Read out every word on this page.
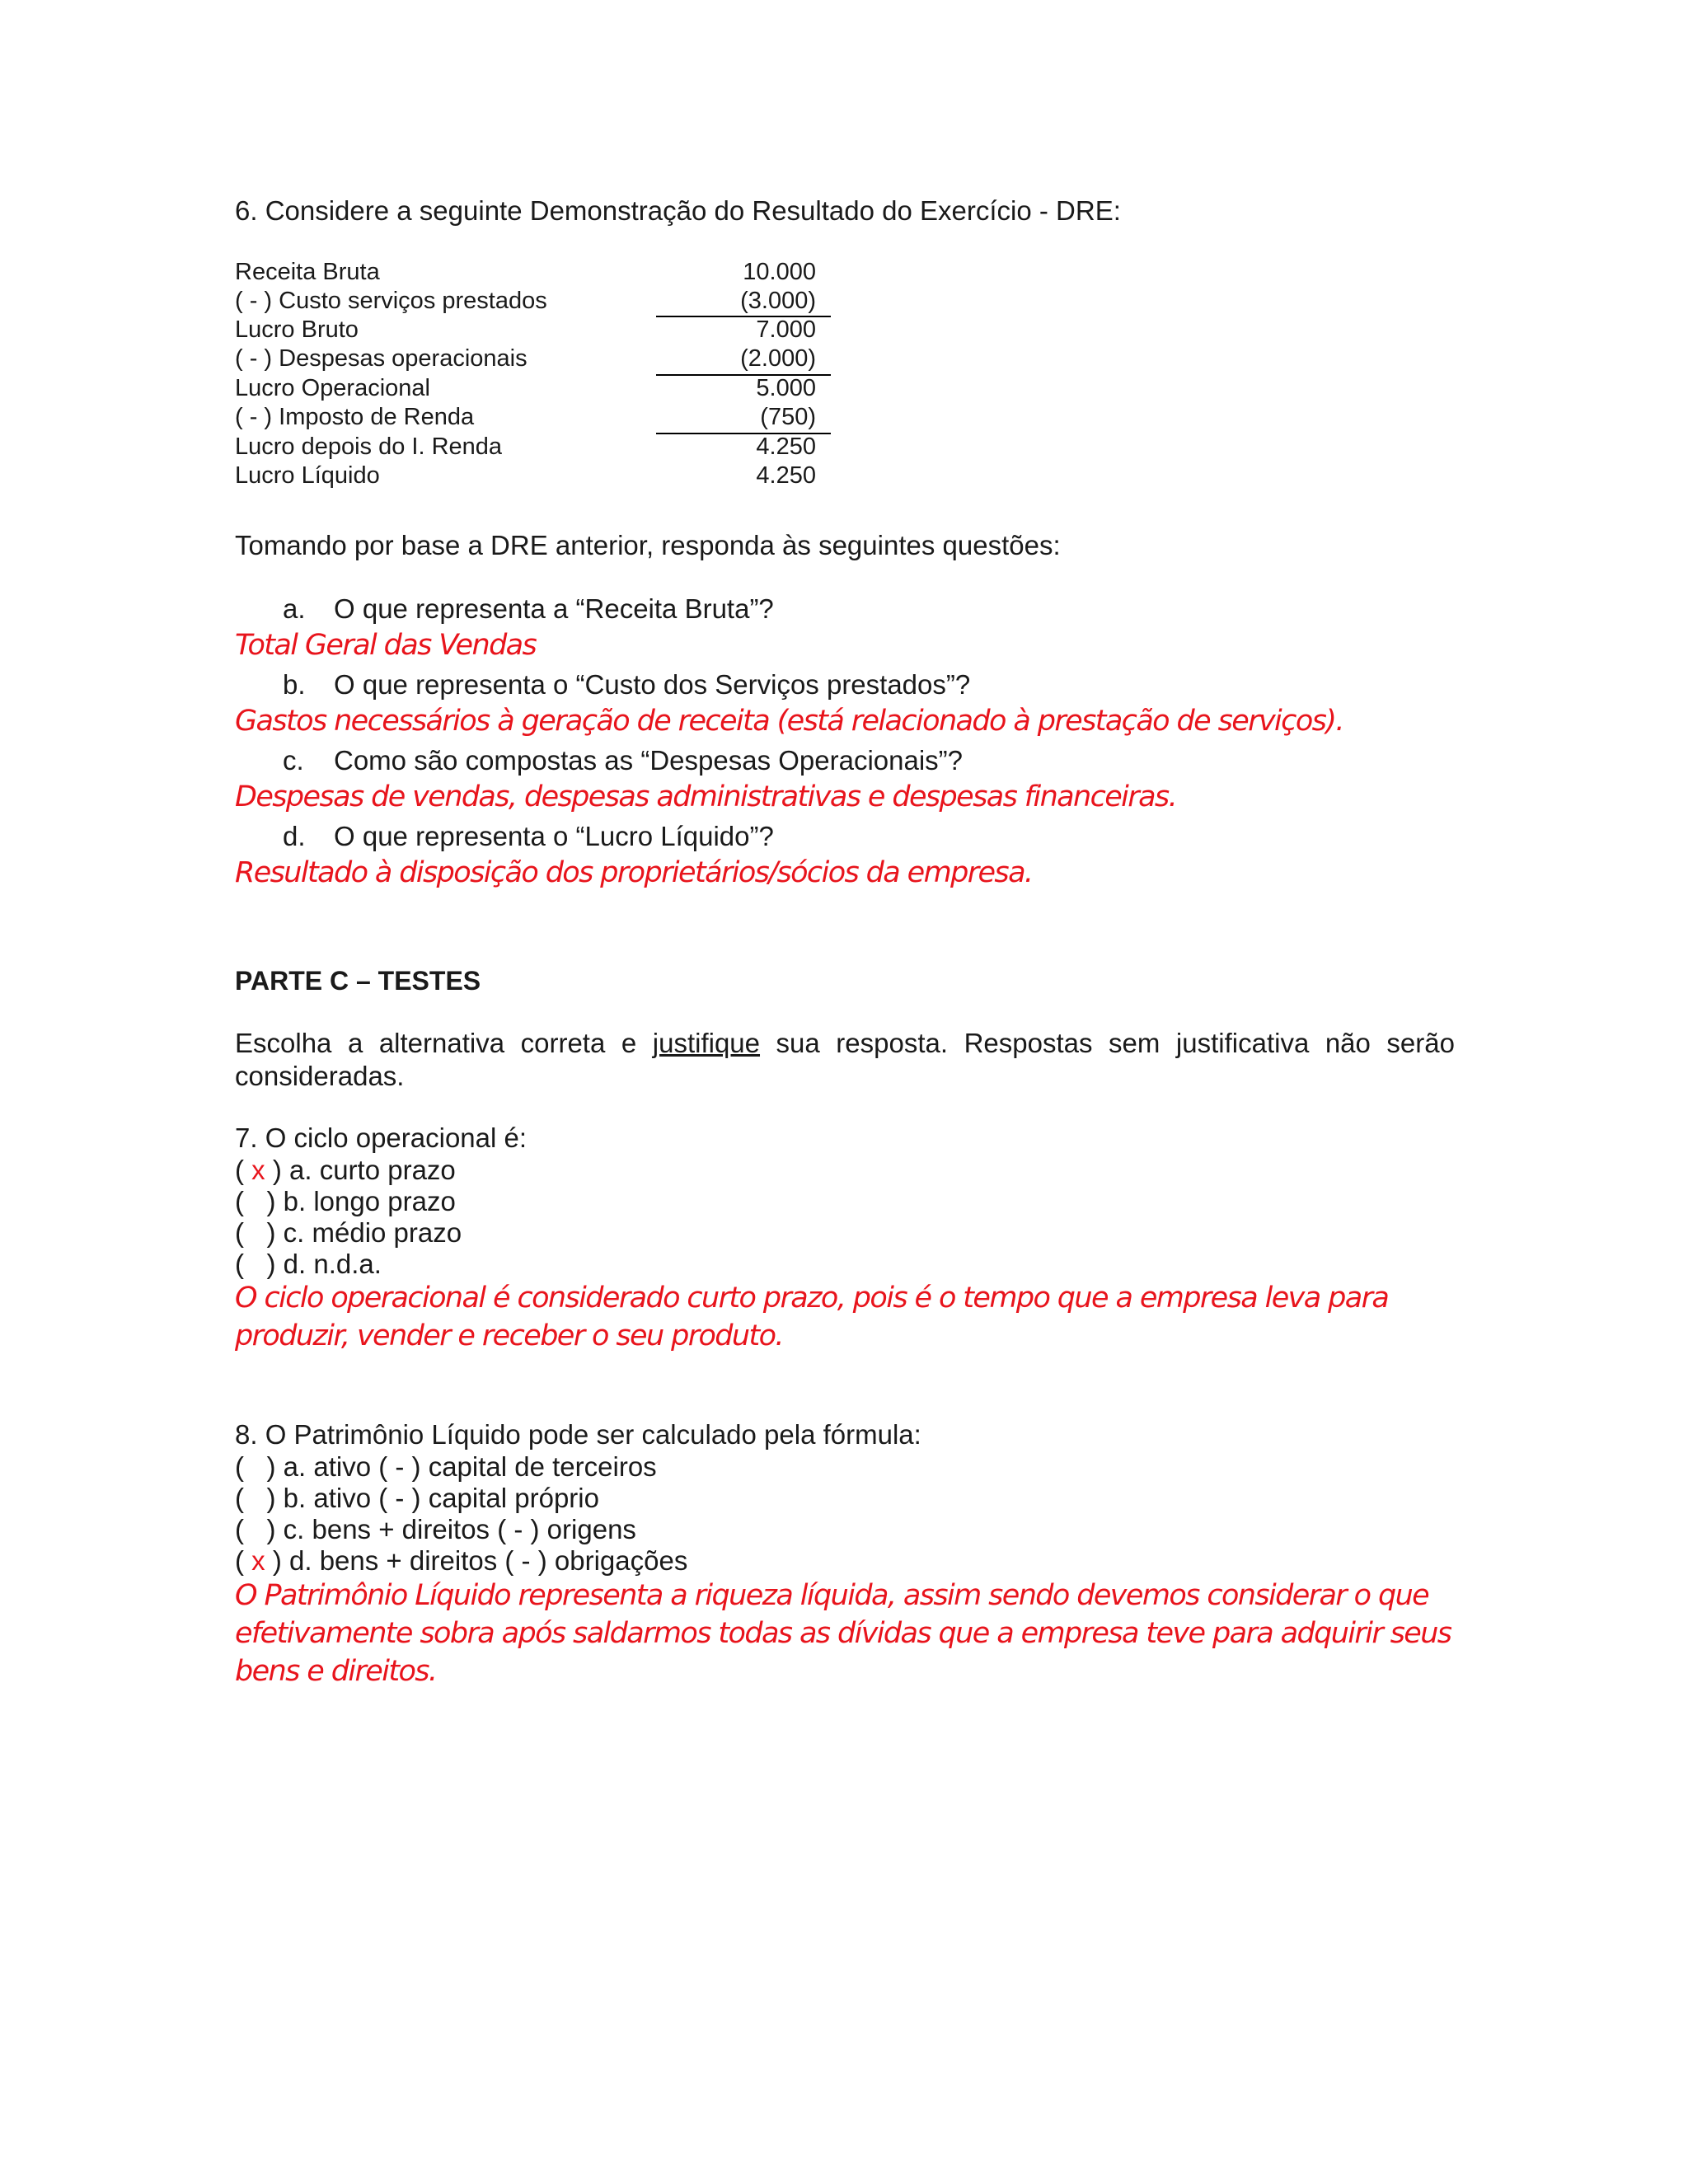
6. Considere a seguinte Demonstração do Resultado do Exercício - DRE:
Receita Bruta	10.000
( - ) Custo serviços prestados	(3.000)
Lucro Bruto	7.000
( - ) Despesas operacionais	(2.000)
Lucro Operacional	5.000
( - ) Imposto de Renda	(750)
Lucro depois do I. Renda	4.250
Lucro Líquido	4.250
Tomando por base a DRE anterior, responda às seguintes questões:
a. O que representa a “Receita Bruta”?
Total Geral das Vendas
b. O que representa o “Custo dos Serviços prestados”?
Gastos necessários à geração de receita (está relacionado à prestação de serviços).
c. Como são compostas as “Despesas Operacionais”?
Despesas de vendas, despesas administrativas e despesas financeiras.
d. O que representa o “Lucro Líquido”?
Resultado à disposição dos proprietários/sócios da empresa.
PARTE C – TESTES
Escolha a alternativa correta e justifique sua resposta. Respostas sem justificativa não serão
consideradas.
7. O ciclo operacional é:
( x ) a. curto prazo
(   ) b. longo prazo
(   ) c. médio prazo
(   ) d. n.d.a.
O ciclo operacional é considerado curto prazo, pois é o tempo que a empresa leva para
produzir, vender e receber o seu produto.
8. O Patrimônio Líquido pode ser calculado pela fórmula:
(   ) a. ativo ( - ) capital de terceiros
(   ) b. ativo ( - ) capital próprio
(   ) c. bens + direitos ( - ) origens
( x ) d. bens + direitos ( - ) obrigações
O Patrimônio Líquido representa a riqueza líquida, assim sendo devemos considerar o que
efetivamente sobra após saldarmos todas as dívidas que a empresa teve para adquirir seus
bens e direitos.
